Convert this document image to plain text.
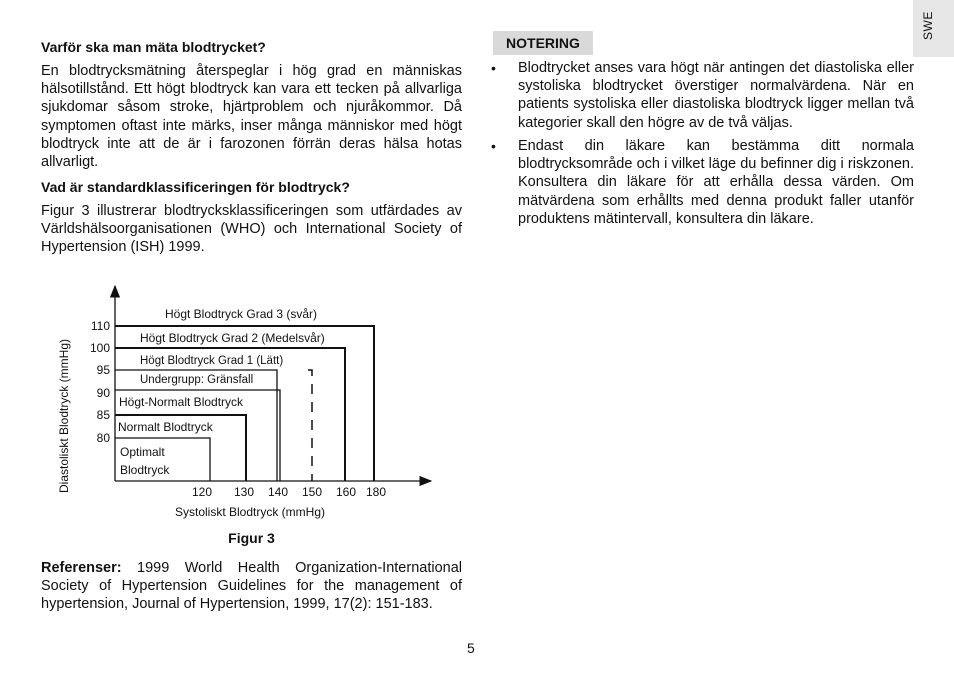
SWE
Varför ska man mäta blodtrycket?
En blodtrycksmätning återspeglar i hög grad en människas hälsotillstånd. Ett högt blodtryck kan vara ett tecken på allvarliga sjukdomar såsom stroke, hjärtproblem och njuråkommor. Då symptomen oftast inte märks, inser många människor med högt blodtryck inte att de är i farozonen förrän deras hälsa hotas allvarligt.
Vad är standardklassificeringen för blodtryck?
Figur 3 illustrerar blodtrycksklassificeringen som utfärdades av Världshälsoorganisationen (WHO) och International Society of Hypertension (ISH) 1999.
Högt Blodtryck Grad 3 (svår)
Högt Blodtryck Grad 2 (Medelsvår)
Högt Blodtryck Grad 1 (Lätt)
Undergrupp: Gränsfall
Högt-Normalt Blodtryck
Normalt Blodtryck
Optimalt
Blodtryck
110
100
95
90
85
80
120 130 140 150 160 180
Systoliskt Blodtryck (mmHg)
Diastoliskt Blodtryck (mmHg)
Figur 3
Referenser: 1999 World Health Organization-International Society of Hypertension Guidelines for the management of hypertension, Journal of Hypertension, 1999, 17(2): 151-183.
NOTERING
• Blodtrycket anses vara högt när antingen det diastoliska eller systoliska blodtrycket överstiger normalvärdena. När en patients systoliska eller diastoliska blodtryck ligger mellan två kategorier skall den högre av de två väljas.
• Endast din läkare kan bestämma ditt normala blodtrycksområde och i vilket läge du befinner dig i riskzonen. Konsultera din läkare för att erhålla dessa värden. Om mätvärdena som erhållts med denna produkt faller utanför produktens mätintervall, konsultera din läkare.
5
